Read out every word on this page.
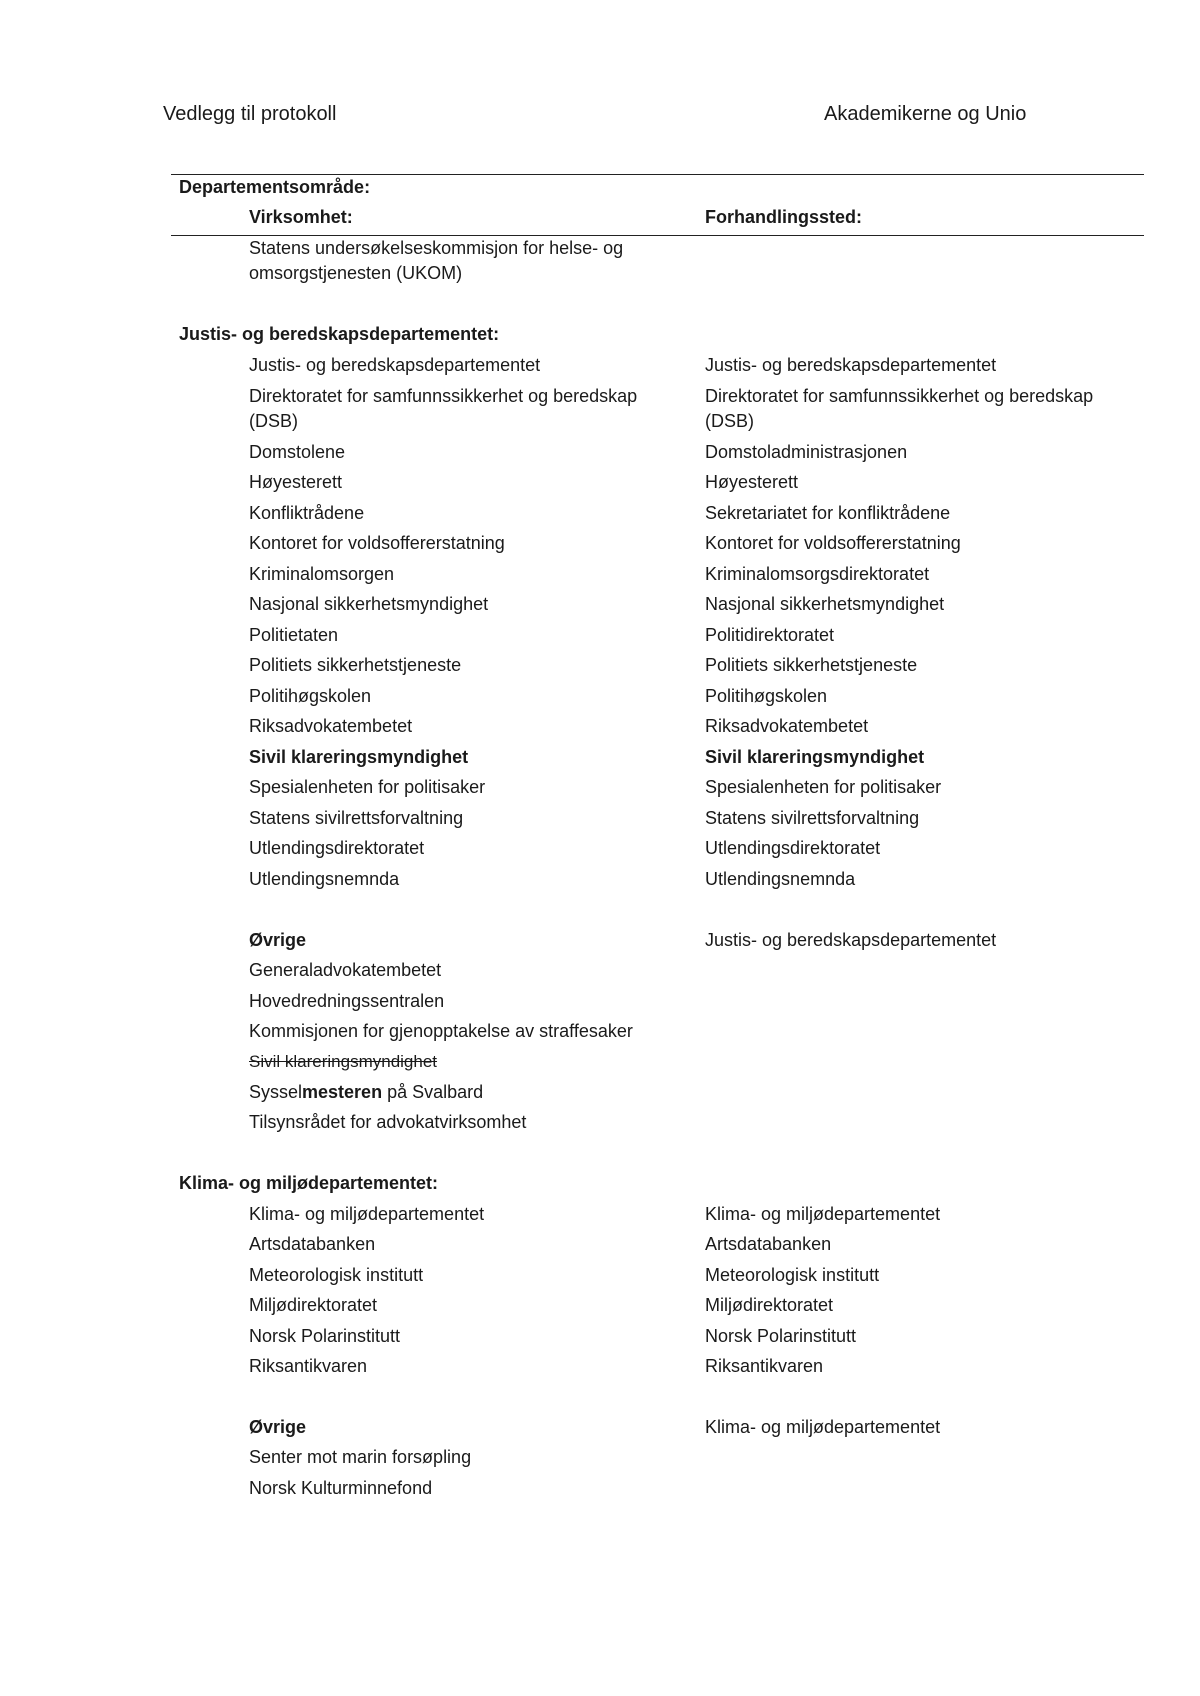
Vedlegg til protokoll	Akademikerne og Unio
Departementsområde:
Virksomhet:	Forhandlingssted:
Statens undersøkelseskommisjon for helse- og
omsorgstjenesten (UKOM)
Justis- og beredskapsdepartementet:
Justis- og beredskapsdepartementet	Justis- og beredskapsdepartementet
Direktoratet for samfunnssikkerhet og beredskap	Direktoratet for samfunnssikkerhet og beredskap
(DSB)	(DSB)
Domstolene	Domstoladministrasjonen
Høyesterett	Høyesterett
Konfliktrådene	Sekretariatet for konfliktrådene
Kontoret for voldsoffererstatning	Kontoret for voldsoffererstatning
Kriminalomsorgen	Kriminalomsorgsdirektoratet
Nasjonal sikkerhetsmyndighet	Nasjonal sikkerhetsmyndighet
Politietaten	Politidirektoratet
Politiets sikkerhetstjeneste	Politiets sikkerhetstjeneste
Politihøgskolen	Politihøgskolen
Riksadvokatembetet	Riksadvokatembetet
Sivil klareringsmyndighet	Sivil klareringsmyndighet
Spesialenheten for politisaker	Spesialenheten for politisaker
Statens sivilrettsforvaltning	Statens sivilrettsforvaltning
Utlendingsdirektoratet	Utlendingsdirektoratet
Utlendingsnemnda	Utlendingsnemnda
Øvrige	Justis- og beredskapsdepartementet
Generaladvokatembetet
Hovedredningssentralen
Kommisjonen for gjenopptakelse av straffesaker
Sivil klareringsmyndighet
Sysselmesteren på Svalbard
Tilsynsrådet for advokatvirksomhet
Klima- og miljødepartementet:
Klima- og miljødepartementet	Klima- og miljødepartementet
Artsdatabanken	Artsdatabanken
Meteorologisk institutt	Meteorologisk institutt
Miljødirektoratet	Miljødirektoratet
Norsk Polarinstitutt	Norsk Polarinstitutt
Riksantikvaren	Riksantikvaren
Øvrige	Klima- og miljødepartementet
Senter mot marin forsøpling
Norsk Kulturminnefond
